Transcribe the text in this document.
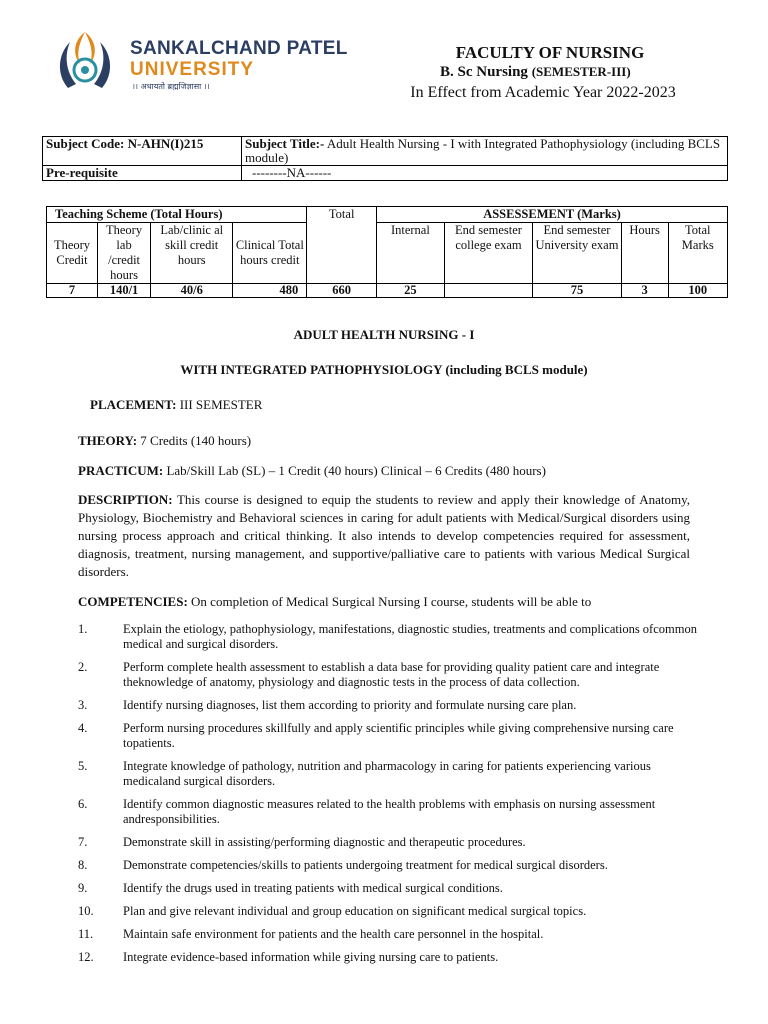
SANKALCHAND PATEL
UNIVERSITY
।। अधायतो ब्रह्मजिज्ञासा ।।
FACULTY OF NURSING
B. Sc Nursing (SEMESTER-III)
In Effect from Academic Year 2022-2023
Subject Code: N-AHN(I)215	Subject Title:- Adult Health Nursing - I with Integrated Pathophysiology (including BCLS module)
Pre-requisite	--------NA------
Teaching Scheme (Total Hours)				Total	ASSESSEMENT (Marks)				
Theory Credit	Theory lab /credit hours	Lab/clinic al skill credit hours	Clinical Total hours credit		Internal	End semester college exam	End semester University exam	Hours	Total Marks
7	140/1	40/6	480	660	25		75	3	100
ADULT HEALTH NURSING - I
WITH INTEGRATED PATHOPHYSIOLOGY (including BCLS module)
PLACEMENT: III SEMESTER
THEORY: 7 Credits (140 hours)
PRACTICUM: Lab/Skill Lab (SL) – 1 Credit (40 hours) Clinical – 6 Credits (480 hours)
DESCRIPTION: This course is designed to equip the students to review and apply their knowledge of Anatomy, Physiology, Biochemistry and Behavioral sciences in caring for adult patients with Medical/Surgical disorders using nursing process approach and critical thinking. It also intends to develop competencies required for assessment, diagnosis, treatment, nursing management, and supportive/palliative care to patients with various Medical Surgical disorders.
COMPETENCIES: On completion of Medical Surgical Nursing I course, students will be able to
1.	Explain the etiology, pathophysiology, manifestations, diagnostic studies, treatments and complications ofcommon medical and surgical disorders.
2.	Perform complete health assessment to establish a data base for providing quality patient care and integrate theknowledge of anatomy, physiology and diagnostic tests in the process of data collection.
3.	Identify nursing diagnoses, list them according to priority and formulate nursing care plan.
4.	Perform nursing procedures skillfully and apply scientific principles while giving comprehensive nursing care topatients.
5.	Integrate knowledge of pathology, nutrition and pharmacology in caring for patients experiencing various medicaland surgical disorders.
6.	Identify common diagnostic measures related to the health problems with emphasis on nursing assessment andresponsibilities.
7.	Demonstrate skill in assisting/performing diagnostic and therapeutic procedures.
8.	Demonstrate competencies/skills to patients undergoing treatment for medical surgical disorders.
9.	Identify the drugs used in treating patients with medical surgical conditions.
10. Plan and give relevant individual and group education on significant medical surgical topics.
11. Maintain safe environment for patients and the health care personnel in the hospital.
12. Integrate evidence-based information while giving nursing care to patients.
